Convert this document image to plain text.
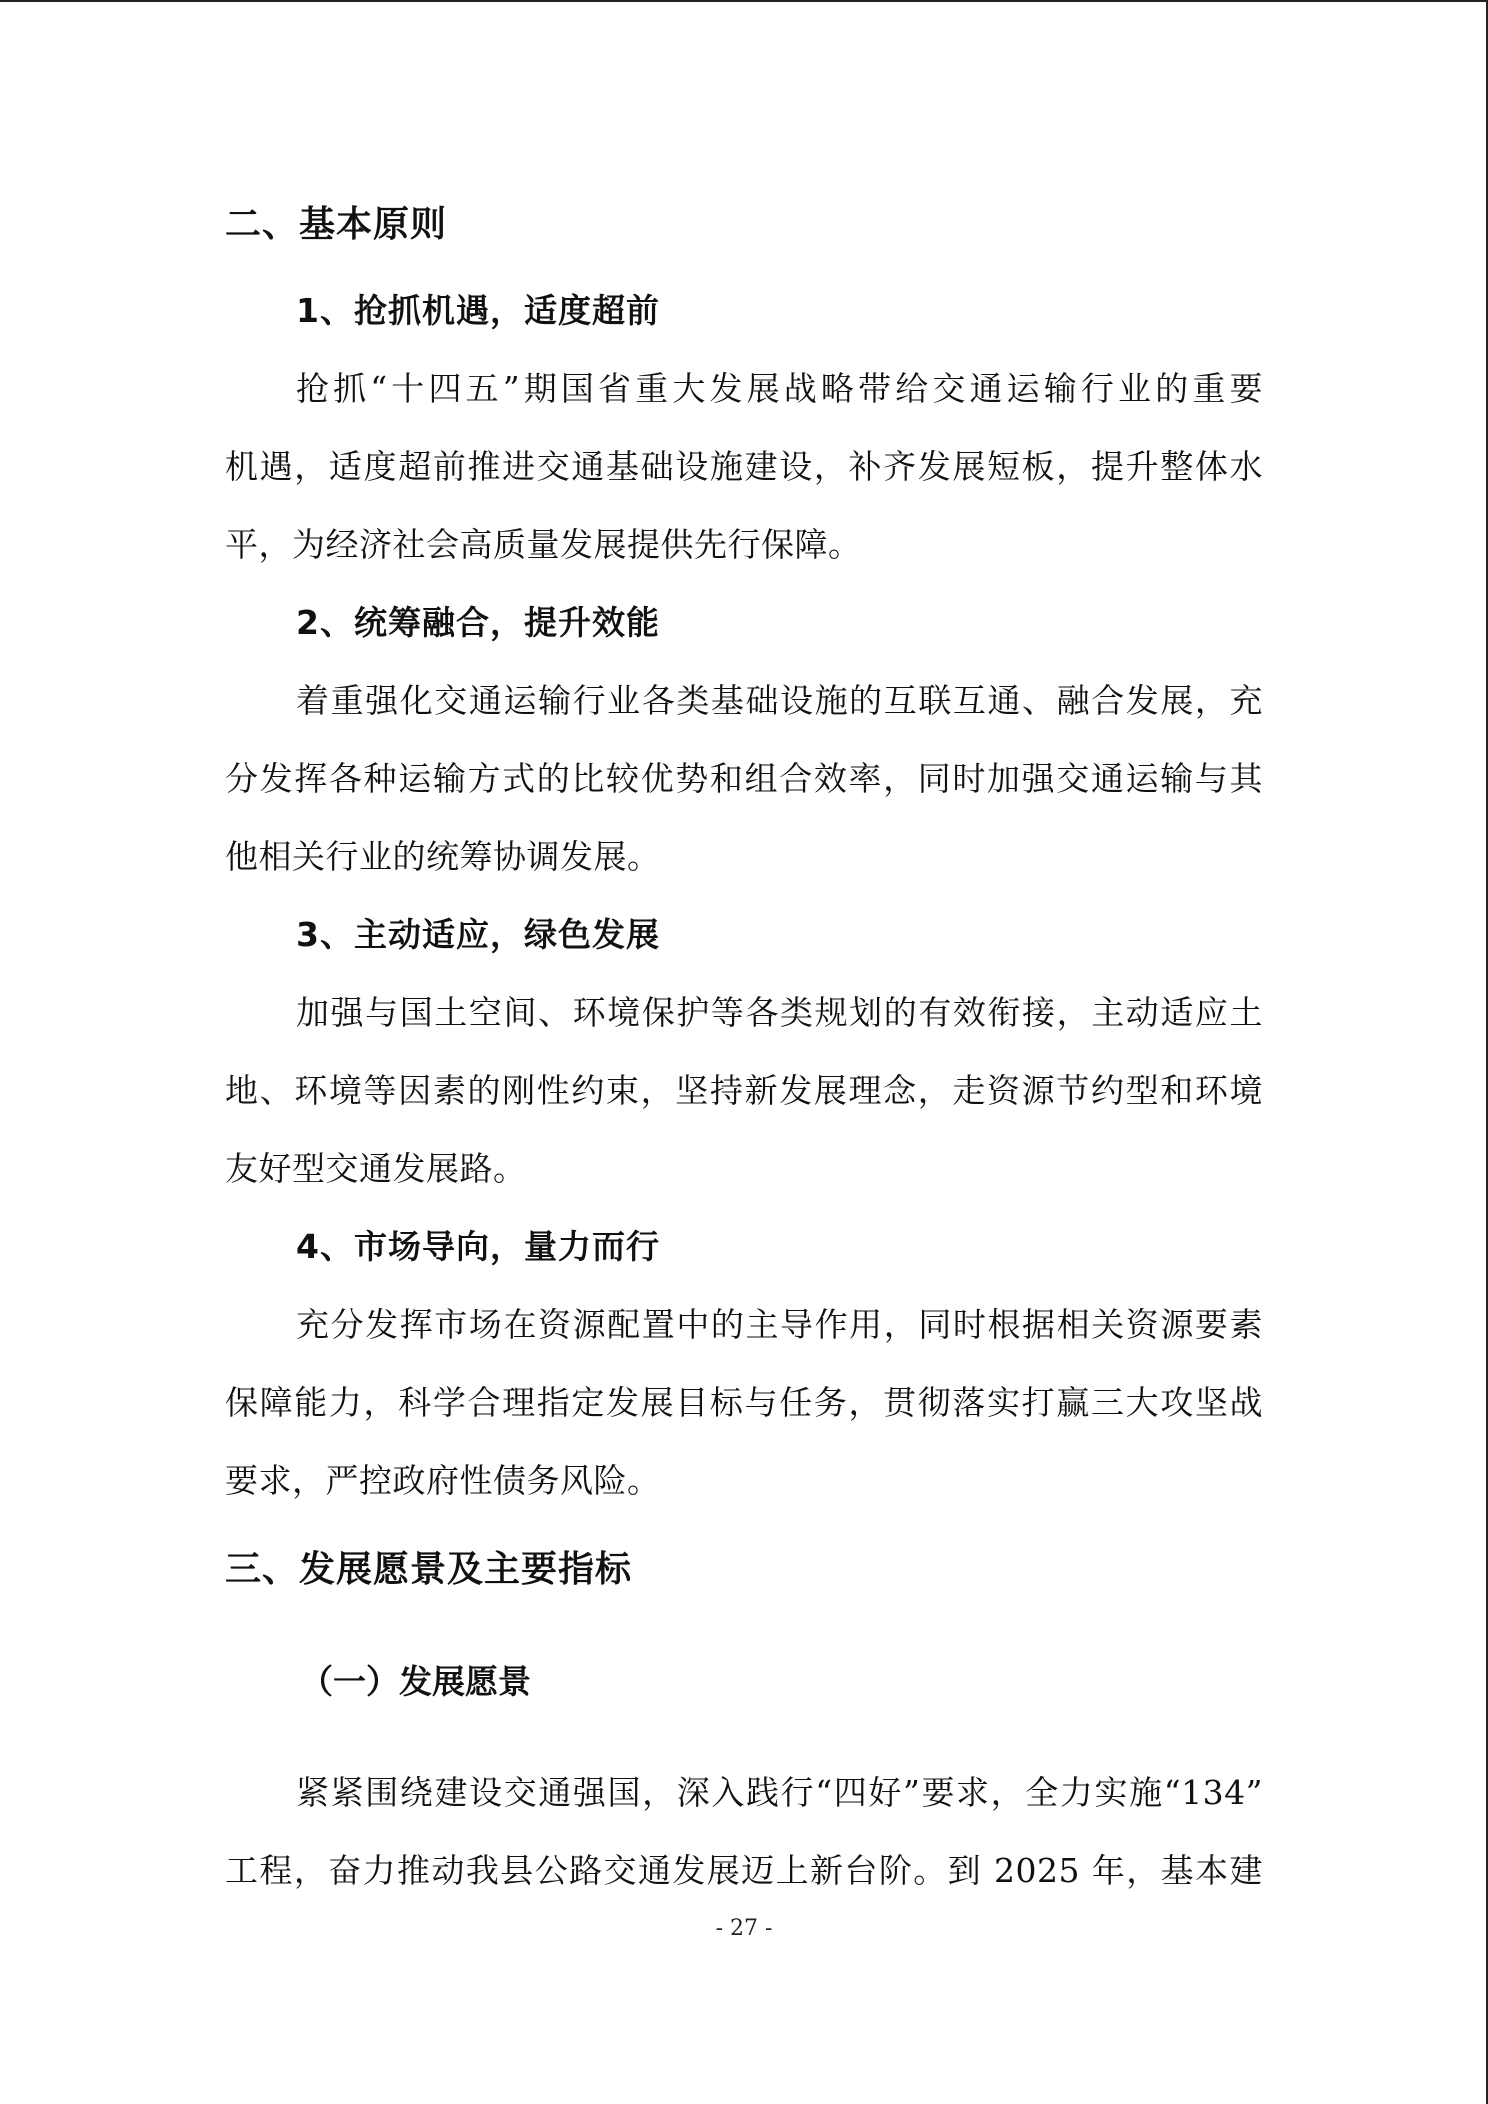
二、基本原则
1、抢抓机遇，适度超前
抢抓“十四五”期国省重大发展战略带给交通运输行业的重要
机遇，适度超前推进交通基础设施建设，补齐发展短板，提升整体水
平，为经济社会高质量发展提供先行保障。
2、统筹融合，提升效能
着重强化交通运输行业各类基础设施的互联互通、融合发展，充
分发挥各种运输方式的比较优势和组合效率，同时加强交通运输与其
他相关行业的统筹协调发展。
3、主动适应，绿色发展
加强与国土空间、环境保护等各类规划的有效衔接，主动适应土
地、环境等因素的刚性约束，坚持新发展理念，走资源节约型和环境
友好型交通发展路。
4、市场导向，量力而行
充分发挥市场在资源配置中的主导作用，同时根据相关资源要素
保障能力，科学合理指定发展目标与任务，贯彻落实打赢三大攻坚战
要求，严控政府性债务风险。
三、发展愿景及主要指标
（一）发展愿景
紧紧围绕建设交通强国，深入践行“四好”要求，全力实施“134”
工程，奋力推动我县公路交通发展迈上新台阶。到 2025 年，基本建
- 27 -
